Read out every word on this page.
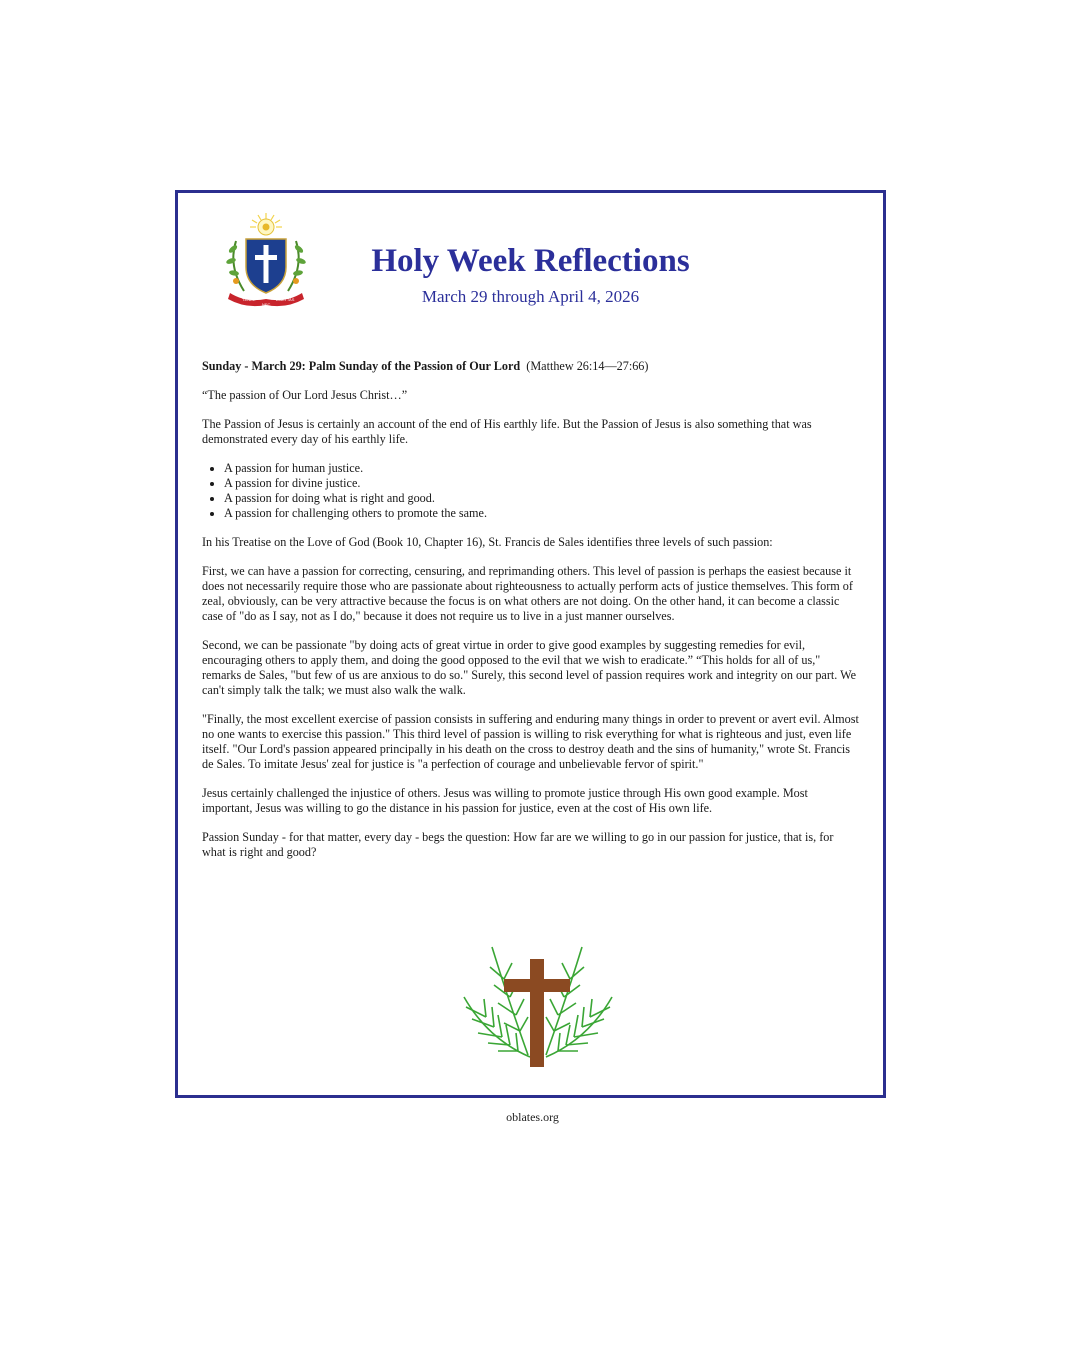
TENDE
NEC
DIMITTAS
Holy Week Reflections

March 29 through April 4, 2026

Sunday - March 29: Palm Sunday of the Passion of Our Lord (Matthew 26:14—27:66)

“The passion of Our Lord Jesus Christ…”

The Passion of Jesus is certainly an account of the end of His earthly life. But the Passion of Jesus is also something that was demonstrated every day of his earthly life.

• A passion for human justice.
• A passion for divine justice.
• A passion for doing what is right and good.
• A passion for challenging others to promote the same.

In his Treatise on the Love of God (Book 10, Chapter 16), St. Francis de Sales identifies three levels of such passion:

First, we can have a passion for correcting, censuring, and reprimanding others. This level of passion is perhaps the easiest because it does not necessarily require those who are passionate about righteousness to actually perform acts of justice themselves. This form of zeal, obviously, can be very attractive because the focus is on what others are not doing. On the other hand, it can become a classic case of "do as I say, not as I do," because it does not require us to live in a just manner ourselves.

Second, we can be passionate "by doing acts of great virtue in order to give good examples by suggesting remedies for evil, encouraging others to apply them, and doing the good opposed to the evil that we wish to eradicate.” “This holds for all of us," remarks de Sales, "but few of us are anxious to do so." Surely, this second level of passion requires work and integrity on our part. We can't simply talk the talk; we must also walk the walk.

"Finally, the most excellent exercise of passion consists in suffering and enduring many things in order to prevent or avert evil. Almost no one wants to exercise this passion." This third level of passion is willing to risk everything for what is righteous and just, even life itself. "Our Lord's passion appeared principally in his death on the cross to destroy death and the sins of humanity," wrote St. Francis de Sales. To imitate Jesus' zeal for justice is "a perfection of courage and unbelievable fervor of spirit."

Jesus certainly challenged the injustice of others. Jesus was willing to promote justice through His own good example. Most important, Jesus was willing to go the distance in his passion for justice, even at the cost of His own life.

Passion Sunday - for that matter, every day - begs the question: How far are we willing to go in our passion for justice, that is, for what is right and good?

oblates.org
